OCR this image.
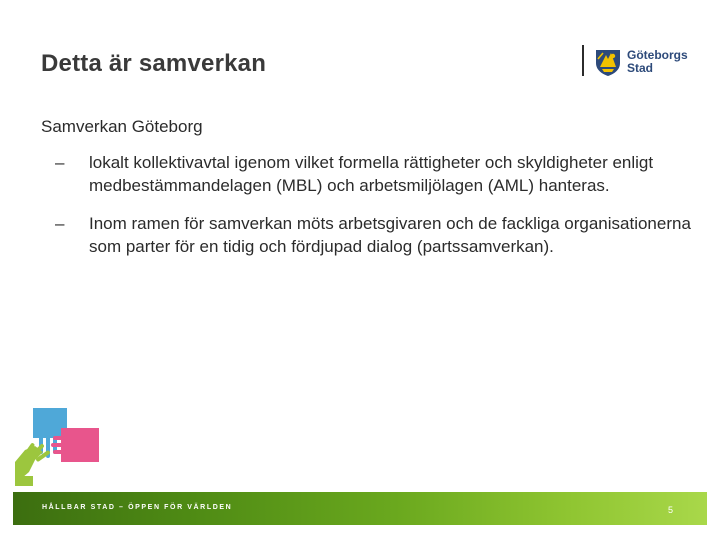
Detta är samverkan	Göteborgs
Stad

Samverkan Göteborg

– lokalt kollektivavtal igenom vilket formella rättigheter och skyldigheter enligt medbestämmandelagen (MBL) och arbetsmiljölagen (AML) hanteras.
– Inom ramen för samverkan möts arbetsgivaren och de fackliga organisationerna som parter för en tidig och fördjupad dialog (partssamverkan).
HÅLLBAR STAD – ÖPPEN FÖR VÄRLDEN	5
